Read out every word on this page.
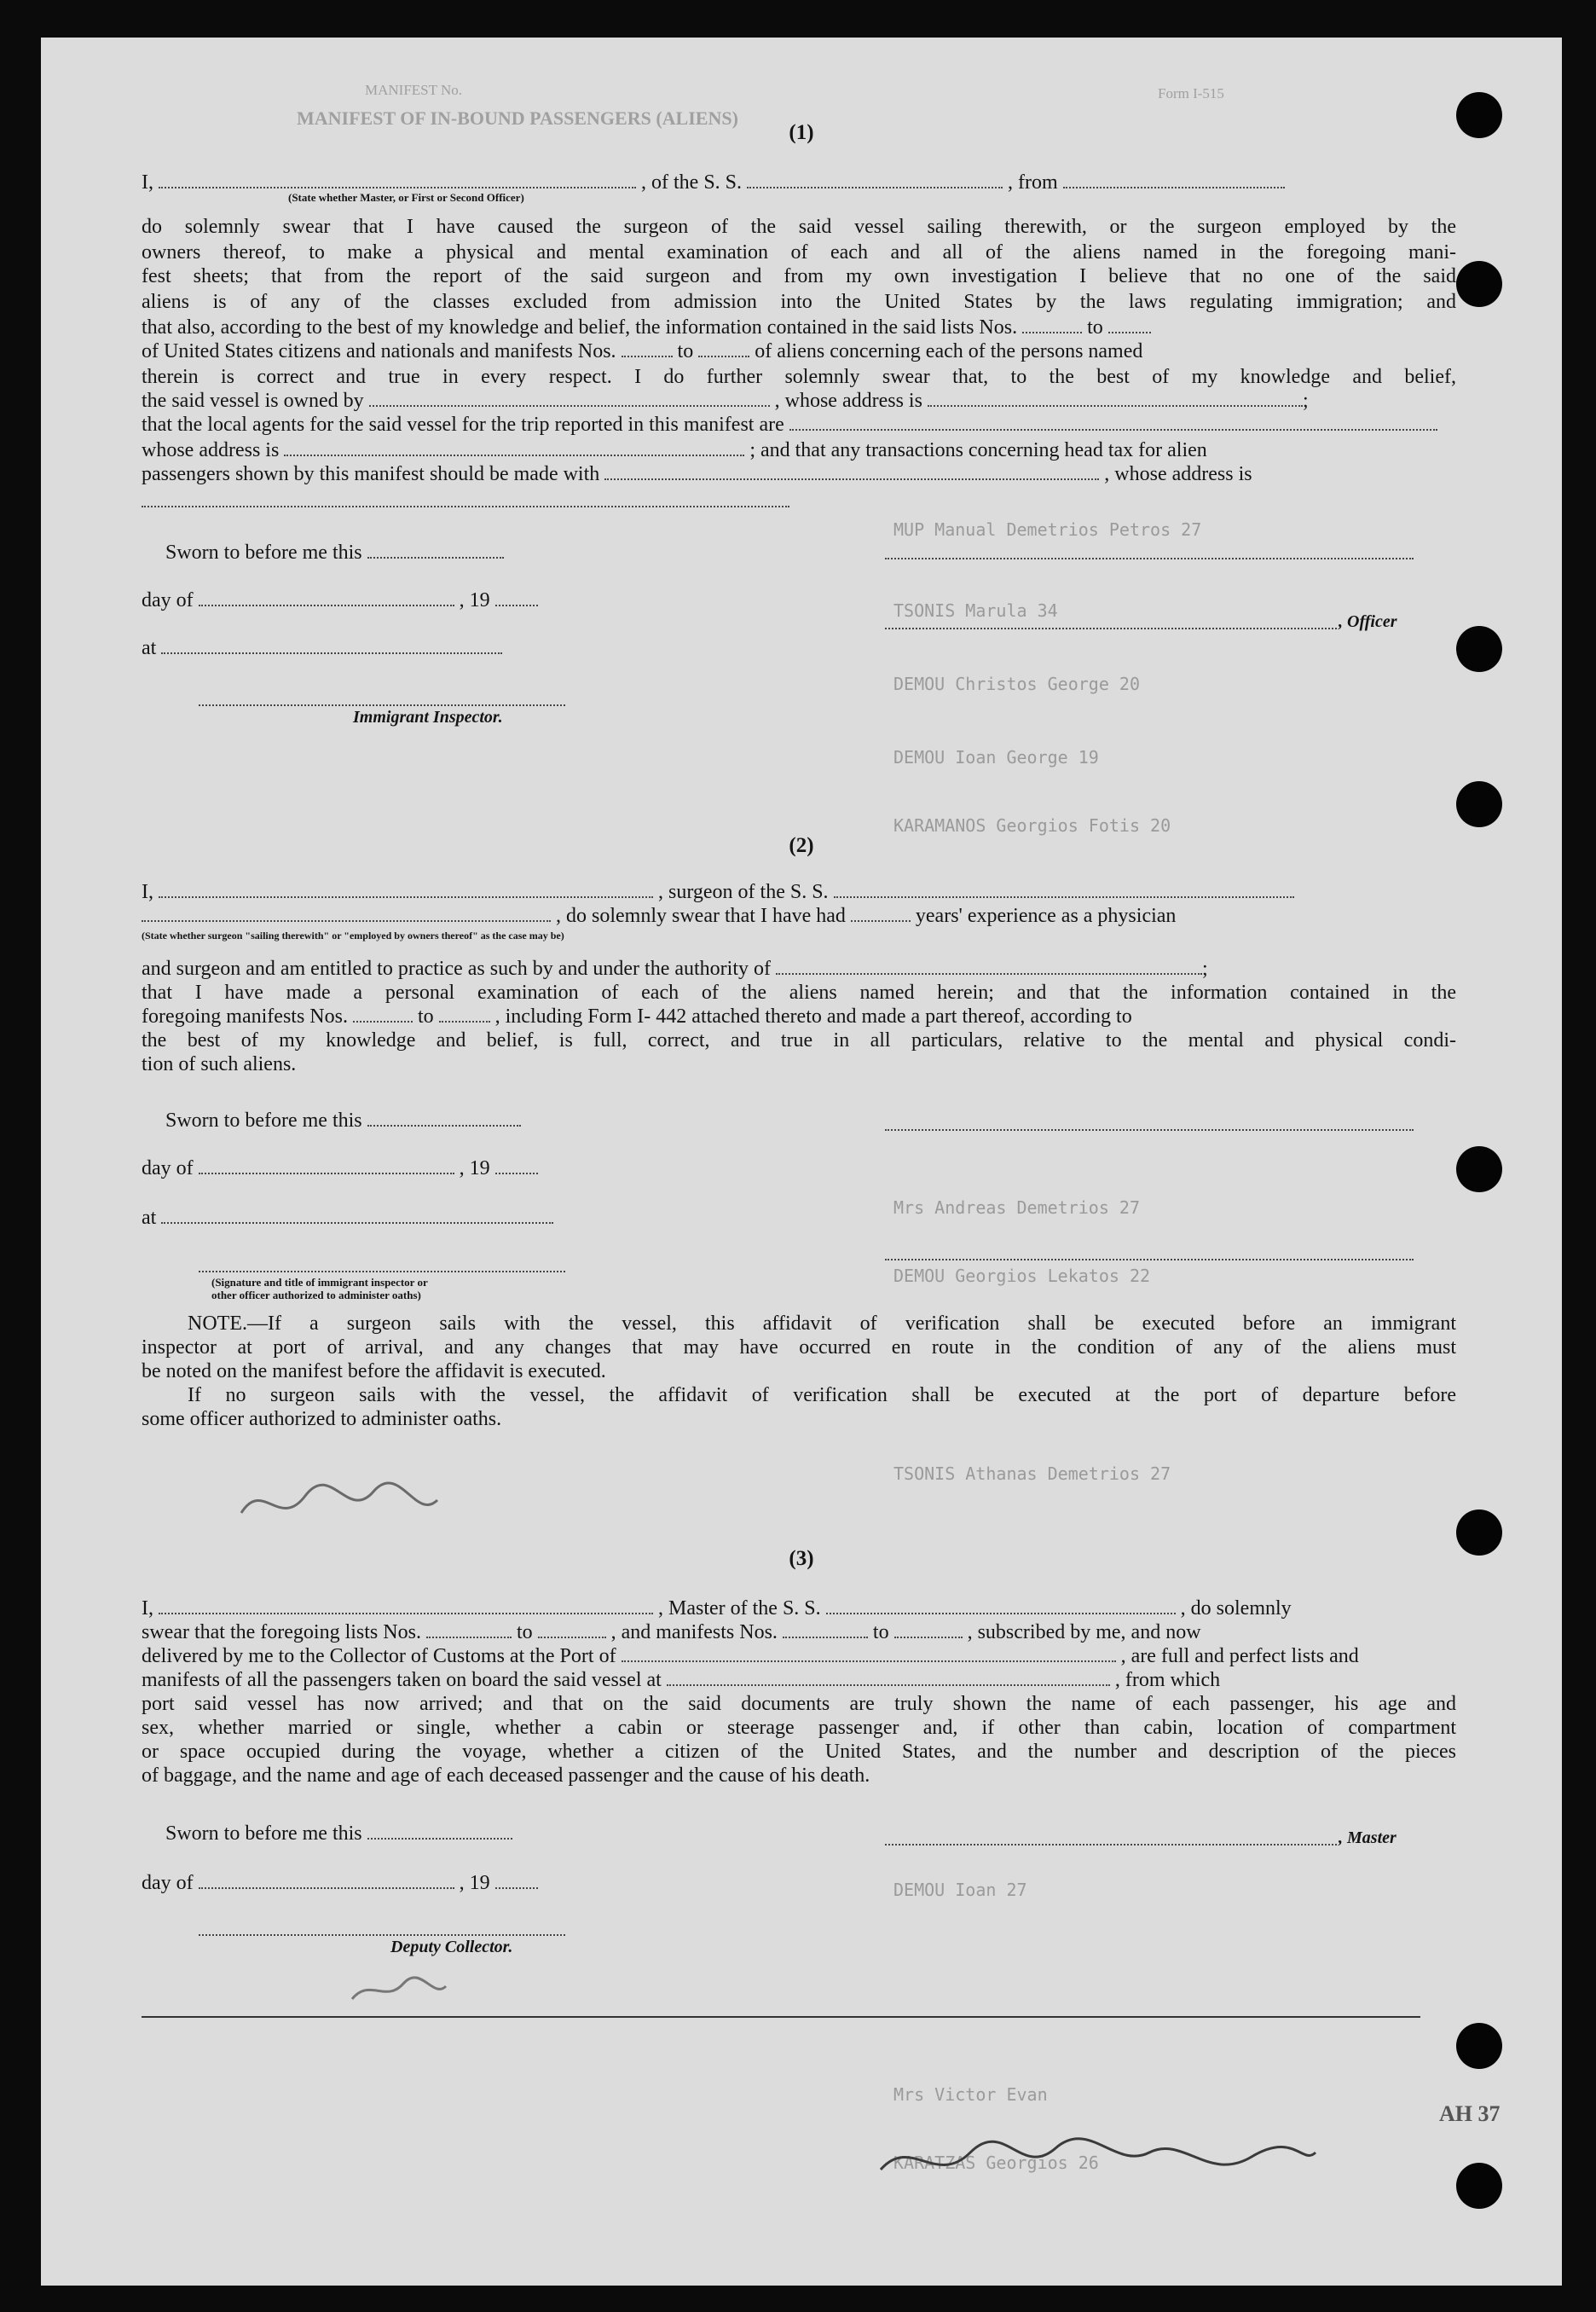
MANIFEST No.
MANIFEST OF IN-BOUND PASSENGERS (ALIENS)
Form I-515
MUP Manual Demetrios Petros 27
TSONIS Marula 34
DEMOU Christos George 20
DEMOU Ioan George 19
KARAMANOS Georgios Fotis 20
Mrs Andreas Demetrios 27
DEMOU Georgios Lekatos 22
TSONIS Athanas Demetrios 27
DEMOU Ioan 27
Mrs Victor Evan
KARATZAS Georgios 26
(1)
I,	, of the S. S.	, from
(State whether Master, or First or Second Officer)
do solemnly swear that I have caused the surgeon of the said vessel sailing therewith, or the surgeon employed by the
owners thereof, to make a physical and mental examination of each and all of the aliens named in the foregoing mani-
fest sheets; that from the report of the said surgeon and from my own investigation I believe that no one of the said
aliens is of any of the classes excluded from admission into the United States by the laws regulating immigration; and
that also, according to the best of my knowledge and belief, the information contained in the said lists Nos.	to
of United States citizens and nationals and manifests Nos.	to	of aliens concerning each of the persons named
therein is correct and true in every respect. I do further solemnly swear that, to the best of my knowledge and belief,
the said vessel is owned by	, whose address is	;
that the local agents for the said vessel for the trip reported in this manifest are
whose address is	; and that any transactions concerning head tax for alien
passengers shown by this manifest should be made with	, whose address is
Sworn to before me this
day of	, 19
at
Immigrant Inspector.
, Officer
(2)
I,	, surgeon of the S. S.
, do solemnly swear that I have had	years' experience as a physician
(State whether surgeon "sailing therewith" or "employed by owners thereof" as the case may be)
and surgeon and am entitled to practice as such by and under the authority of	;
that I have made a personal examination of each of the aliens named herein; and that the information contained in the
foregoing manifests Nos.	to	, including Form I- 442 attached thereto and made a part thereof, according to
the best of my knowledge and belief, is full, correct, and true in all particulars, relative to the mental and physical condi-
tion of such aliens.
Sworn to before me this
day of	, 19
at
(Signature and title of immigrant inspector or
other officer authorized to administer oaths)
NOTE.—If a surgeon sails with the vessel, this affidavit of verification shall be executed before an immigrant
inspector at port of arrival, and any changes that may have occurred en route in the condition of any of the aliens must
be noted on the manifest before the affidavit is executed.
If no surgeon sails with the vessel, the affidavit of verification shall be executed at the port of departure before
some officer authorized to administer oaths.
(3)
I,	, Master of the S. S.	, do solemnly
swear that the foregoing lists Nos.	to	, and manifests Nos.	to	, subscribed by me, and now
delivered by me to the Collector of Customs at the Port of	, are full and perfect lists and
manifests of all the passengers taken on board the said vessel at	, from which
port said vessel has now arrived; and that on the said documents are truly shown the name of each passenger, his age and
sex, whether married or single, whether a cabin or steerage passenger and, if other than cabin, location of compartment
or space occupied during the voyage, whether a citizen of the United States, and the number and description of the pieces
of baggage, and the name and age of each deceased passenger and the cause of his death.
Sworn to before me this
day of	, 19
Deputy Collector.
, Master
AH 37
